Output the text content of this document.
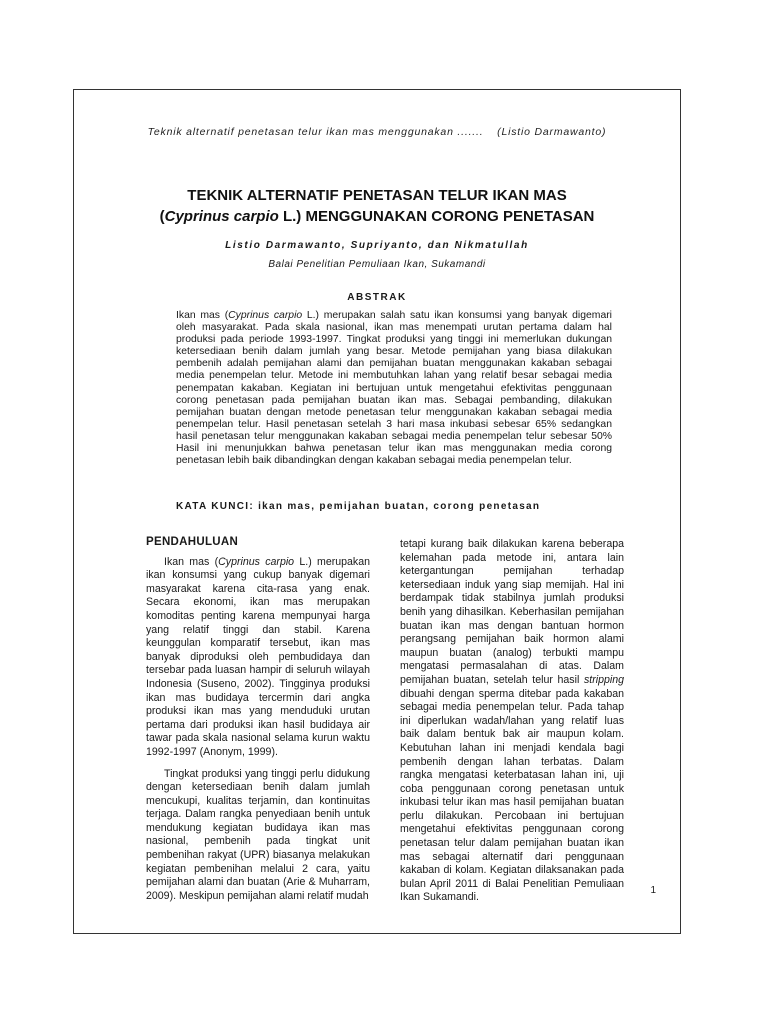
Teknik alternatif penetasan telur ikan mas menggunakan ....... (Listio Darmawanto)
TEKNIK ALTERNATIF PENETASAN TELUR IKAN MAS
(Cyprinus carpio L.) MENGGUNAKAN CORONG PENETASAN
Listio Darmawanto, Supriyanto, dan Nikmatullah
Balai Penelitian Pemuliaan Ikan, Sukamandi
ABSTRAK
Ikan mas (Cyprinus carpio L.) merupakan salah satu ikan konsumsi yang banyak digemari oleh masyarakat. Pada skala nasional, ikan mas menempati urutan pertama dalam hal produksi pada periode 1993-1997. Tingkat produksi yang tinggi ini memerlukan dukungan ketersediaan benih dalam jumlah yang besar. Metode pemijahan yang biasa dilakukan pembenih adalah pemijahan alami dan pemijahan buatan menggunakan kakaban sebagai media penempelan telur. Metode ini membutuhkan lahan yang relatif besar sebagai media penempatan kakaban. Kegiatan ini bertujuan untuk mengetahui efektivitas penggunaan corong penetasan pada pemijahan buatan ikan mas. Sebagai pembanding, dilakukan pemijahan buatan dengan metode penetasan telur menggunakan kakaban sebagai media penempelan telur. Hasil penetasan setelah 3 hari masa inkubasi sebesar 65% sedangkan hasil penetasan telur menggunakan kakaban sebagai media penempelan telur sebesar 50% Hasil ini menunjukkan bahwa penetasan telur ikan mas menggunakan media corong penetasan lebih baik dibandingkan dengan kakaban sebagai media penempelan telur.
KATA KUNCI: ikan mas, pemijahan buatan, corong penetasan
PENDAHULUAN

Ikan mas (Cyprinus carpio L.) merupakan ikan konsumsi yang cukup banyak digemari masyarakat karena cita-rasa yang enak. Secara ekonomi, ikan mas merupakan komoditas penting karena mempunyai harga yang relatif tinggi dan stabil. Karena keunggulan komparatif tersebut, ikan mas banyak diproduksi oleh pembudidaya dan tersebar pada luasan hampir di seluruh wilayah Indonesia (Suseno, 2002). Tingginya produksi ikan mas budidaya tercermin dari angka produksi ikan mas yang menduduki urutan pertama dari produksi ikan hasil budidaya air tawar pada skala nasional selama kurun waktu 1992-1997 (Anonym, 1999).

Tingkat produksi yang tinggi perlu didukung dengan ketersediaan benih dalam jumlah mencukupi, kualitas terjamin, dan kontinuitas terjaga. Dalam rangka penyediaan benih untuk mendukung kegiatan budidaya ikan mas nasional, pembenih pada tingkat unit pembenihan rakyat (UPR) biasanya melakukan kegiatan pembenihan melalui 2 cara, yaitu pemijahan alami dan buatan (Arie & Muharram, 2009). Meskipun pemijahan alami relatif mudah

tetapi kurang baik dilakukan karena beberapa kelemahan pada metode ini, antara lain ketergantungan pemijahan terhadap ketersediaan induk yang siap memijah. Hal ini berdampak tidak stabilnya jumlah produksi benih yang dihasilkan. Keberhasilan pemijahan buatan ikan mas dengan bantuan hormon perangsang pemijahan baik hormon alami maupun buatan (analog) terbukti mampu mengatasi permasalahan di atas. Dalam pemijahan buatan, setelah telur hasil stripping dibuahi dengan sperma ditebar pada kakaban sebagai media penempelan telur. Pada tahap ini diperlukan wadah/lahan yang relatif luas baik dalam bentuk bak air maupun kolam. Kebutuhan lahan ini menjadi kendala bagi pembenih dengan lahan terbatas. Dalam rangka mengatasi keterbatasan lahan ini, uji coba penggunaan corong penetasan untuk inkubasi telur ikan mas hasil pemijahan buatan perlu dilakukan. Percobaan ini bertujuan mengetahui efektivitas penggunaan corong penetasan telur dalam pemijahan buatan ikan mas sebagai alternatif dari penggunaan kakaban di kolam. Kegiatan dilaksanakan pada bulan April 2011 di Balai Penelitian Pemuliaan Ikan Sukamandi.

1
